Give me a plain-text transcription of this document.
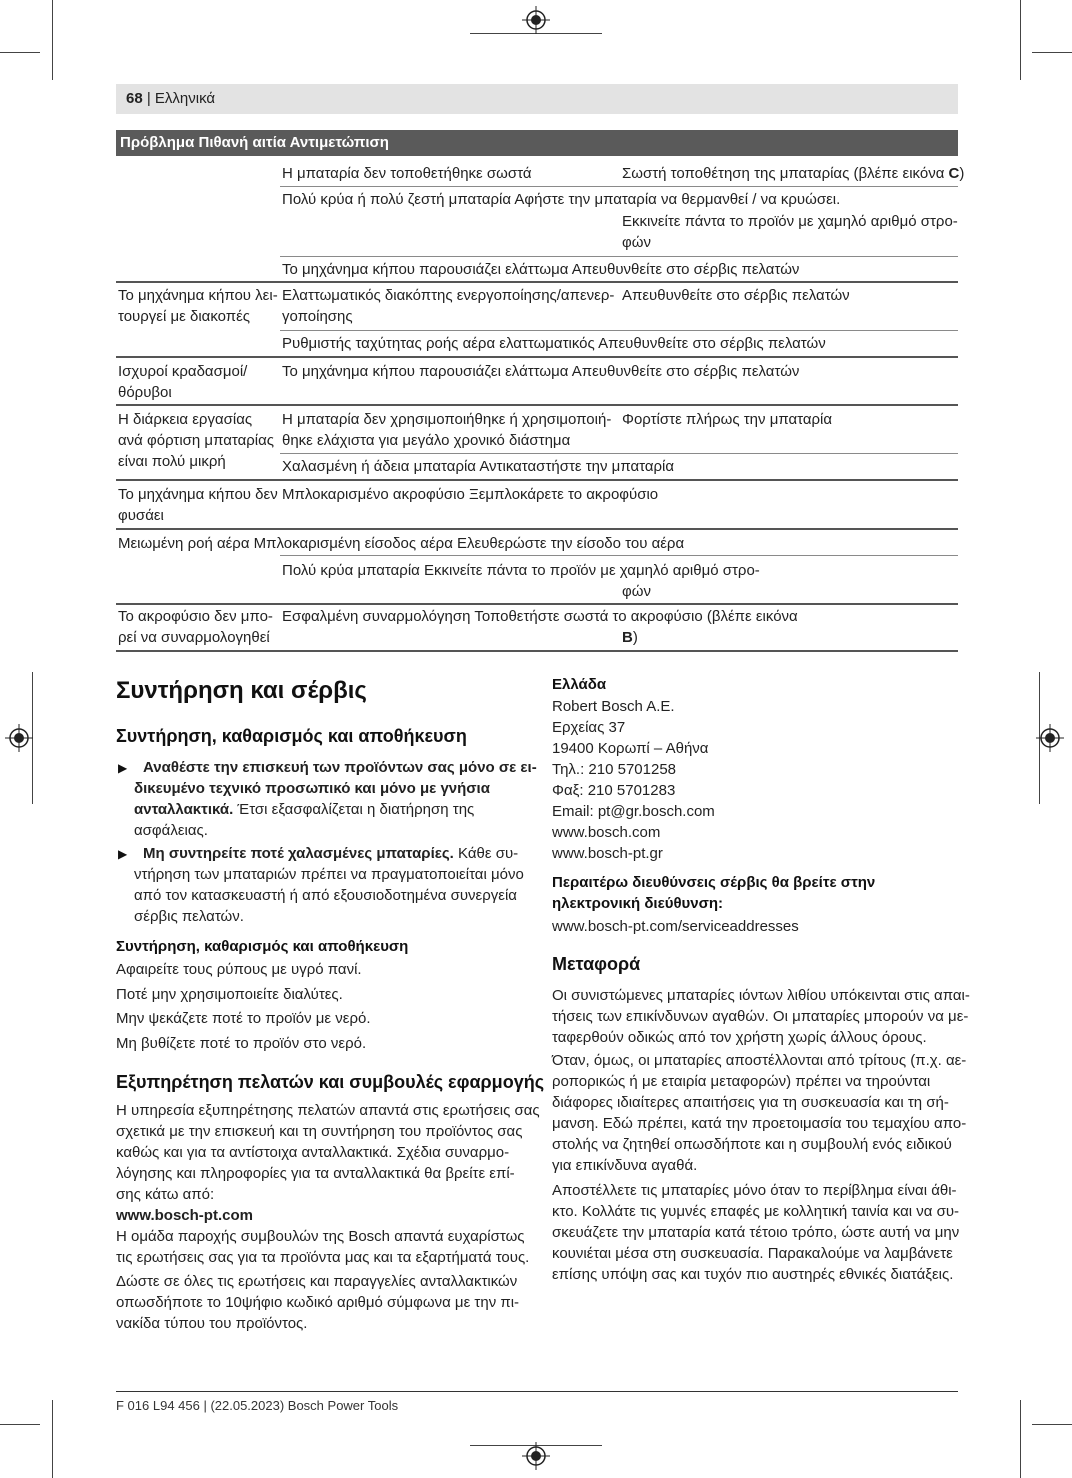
68 | Ελληνικά
Πρόβλημα Πιθανή αιτία Αντιμετώπιση
Η μπαταρία δεν τοποθετήθηκε σωστά	Σωστή τοποθέτηση της μπαταρίας (βλέπε εικόνα C)
Πολύ κρύα ή πολύ ζεστή μπαταρία Αφήστε την μπαταρία να θερμανθεί / να κρυώσει.
Εκκινείτε πάντα το προϊόν με χαμηλό αριθμό στρο-
φών
Το μηχάνημα κήπου παρουσιάζει ελάττωμα Απευθυνθείτε στο σέρβις πελατών
Το μηχάνημα κήπου λει-
τουργεί με διακοπές
Ελαττωματικός διακόπτης ενεργοποίησης/απενερ-
γοποίησης
Απευθυνθείτε στο σέρβις πελατών
Ρυθμιστής ταχύτητας ροής αέρα ελαττωματικός Απευθυνθείτε στο σέρβις πελατών
Ισχυροί κραδασμοί/
θόρυβοι
Το μηχάνημα κήπου παρουσιάζει ελάττωμα Απευθυνθείτε στο σέρβις πελατών
Η διάρκεια εργασίας
ανά φόρτιση μπαταρίας
είναι πολύ μικρή
Η μπαταρία δεν χρησιμοποιήθηκε ή χρησιμοποιή-
θηκε ελάχιστα για μεγάλο χρονικό διάστημα
Φορτίστε πλήρως την μπαταρία
Χαλασμένη ή άδεια μπαταρία Αντικαταστήστε την μπαταρία
Το μηχάνημα κήπου δεν
φυσάει
Μπλοκαρισμένο ακροφύσιο Ξεμπλοκάρετε το ακροφύσιο
Μειωμένη ροή αέρα Μπλοκαρισμένη είσοδος αέρα Ελευθερώστε την είσοδο του αέρα
Πολύ κρύα μπαταρία Εκκινείτε πάντα το προϊόν με χαμηλό αριθμό στρο-
φών
Το ακροφύσιο δεν μπο-
ρεί να συναρμολογηθεί
Εσφαλμένη συναρμολόγηση Τοποθετήστε σωστά το ακροφύσιο (βλέπε εικόνα
B)
Συντήρηση και σέρβις
Συντήρηση, καθαρισμός και αποθήκευση
▶ Αναθέστε την επισκευή των προϊόντων σας μόνο σε ει-
δικευμένο τεχνικό προσωπικό και μόνο με γνήσια
ανταλλακτικά. Έτσι εξασφαλίζεται η διατήρηση της
ασφάλειας.
▶ Μη συντηρείτε ποτέ χαλασμένες μπαταρίες. Κάθε συ-
ντήρηση των μπαταριών πρέπει να πραγματοποιείται μόνο
από τον κατασκευαστή ή από εξουσιοδοτημένα συνεργεία
σέρβις πελατών.
Συντήρηση, καθαρισμός και αποθήκευση
Αφαιρείτε τους ρύπους με υγρό πανί.
Ποτέ μην χρησιμοποιείτε διαλύτες.
Μην ψεκάζετε ποτέ το προϊόν με νερό.
Μη βυθίζετε ποτέ το προϊόν στο νερό.
Εξυπηρέτηση πελατών και συμβουλές εφαρμογής
Η υπηρεσία εξυπηρέτησης πελατών απαντά στις ερωτήσεις σας
σχετικά με την επισκευή και τη συντήρηση του προϊόντος σας
καθώς και για τα αντίστοιχα ανταλλακτικά. Σχέδια συναρμο-
λόγησης και πληροφορίες για τα ανταλλακτικά θα βρείτε επί-
σης κάτω από:
www.bosch-pt.com
Η ομάδα παροχής συμβουλών της Bosch απαντά ευχαρίστως
τις ερωτήσεις σας για τα προϊόντα μας και τα εξαρτήματά τους.
Δώστε σε όλες τις ερωτήσεις και παραγγελίες ανταλλακτικών
οπωσδήποτε το 10ψήφιο κωδικό αριθμό σύμφωνα με την πι-
νακίδα τύπου του προϊόντος.
Ελλάδα
Robert Bosch A.E.
Ερχείας 37
19400 Κορωπί – Αθήνα
Τηλ.: 210 5701258
Φαξ: 210 5701283
Email: pt@gr.bosch.com
www.bosch.com
www.bosch-pt.gr
Περαιτέρω διευθύνσεις σέρβις θα βρείτε στην
ηλεκτρονική διεύθυνση:
www.bosch-pt.com/serviceaddresses
Μεταφορά
Οι συνιστώμενες μπαταρίες ιόντων λιθίου υπόκεινται στις απαι-
τήσεις των επικίνδυνων αγαθών. Οι μπαταρίες μπορούν να με-
ταφερθούν οδικώς από τον χρήστη χωρίς άλλους όρους.
Όταν, όμως, οι μπαταρίες αποστέλλονται από τρίτους (π.χ. αε-
ροπορικώς ή με εταιρία μεταφορών) πρέπει να τηρούνται
διάφορες ιδιαίτερες απαιτήσεις για τη συσκευασία και τη σή-
μανση. Εδώ πρέπει, κατά την προετοιμασία του τεμαχίου απο-
στολής να ζητηθεί οπωσδήποτε και η συμβουλή ενός ειδικού
για επικίνδυνα αγαθά.
Αποστέλλετε τις μπαταρίες μόνο όταν το περίβλημα είναι άθι-
κτο. Κολλάτε τις γυμνές επαφές με κολλητική ταινία και να συ-
σκευάζετε την μπαταρία κατά τέτοιο τρόπο, ώστε αυτή να μην
κουνιέται μέσα στη συσκευασία. Παρακαλούμε να λαμβάνετε
επίσης υπόψη σας και τυχόν πιο αυστηρές εθνικές διατάξεις.
F 016 L94 456 | (22.05.2023) Bosch Power Tools
